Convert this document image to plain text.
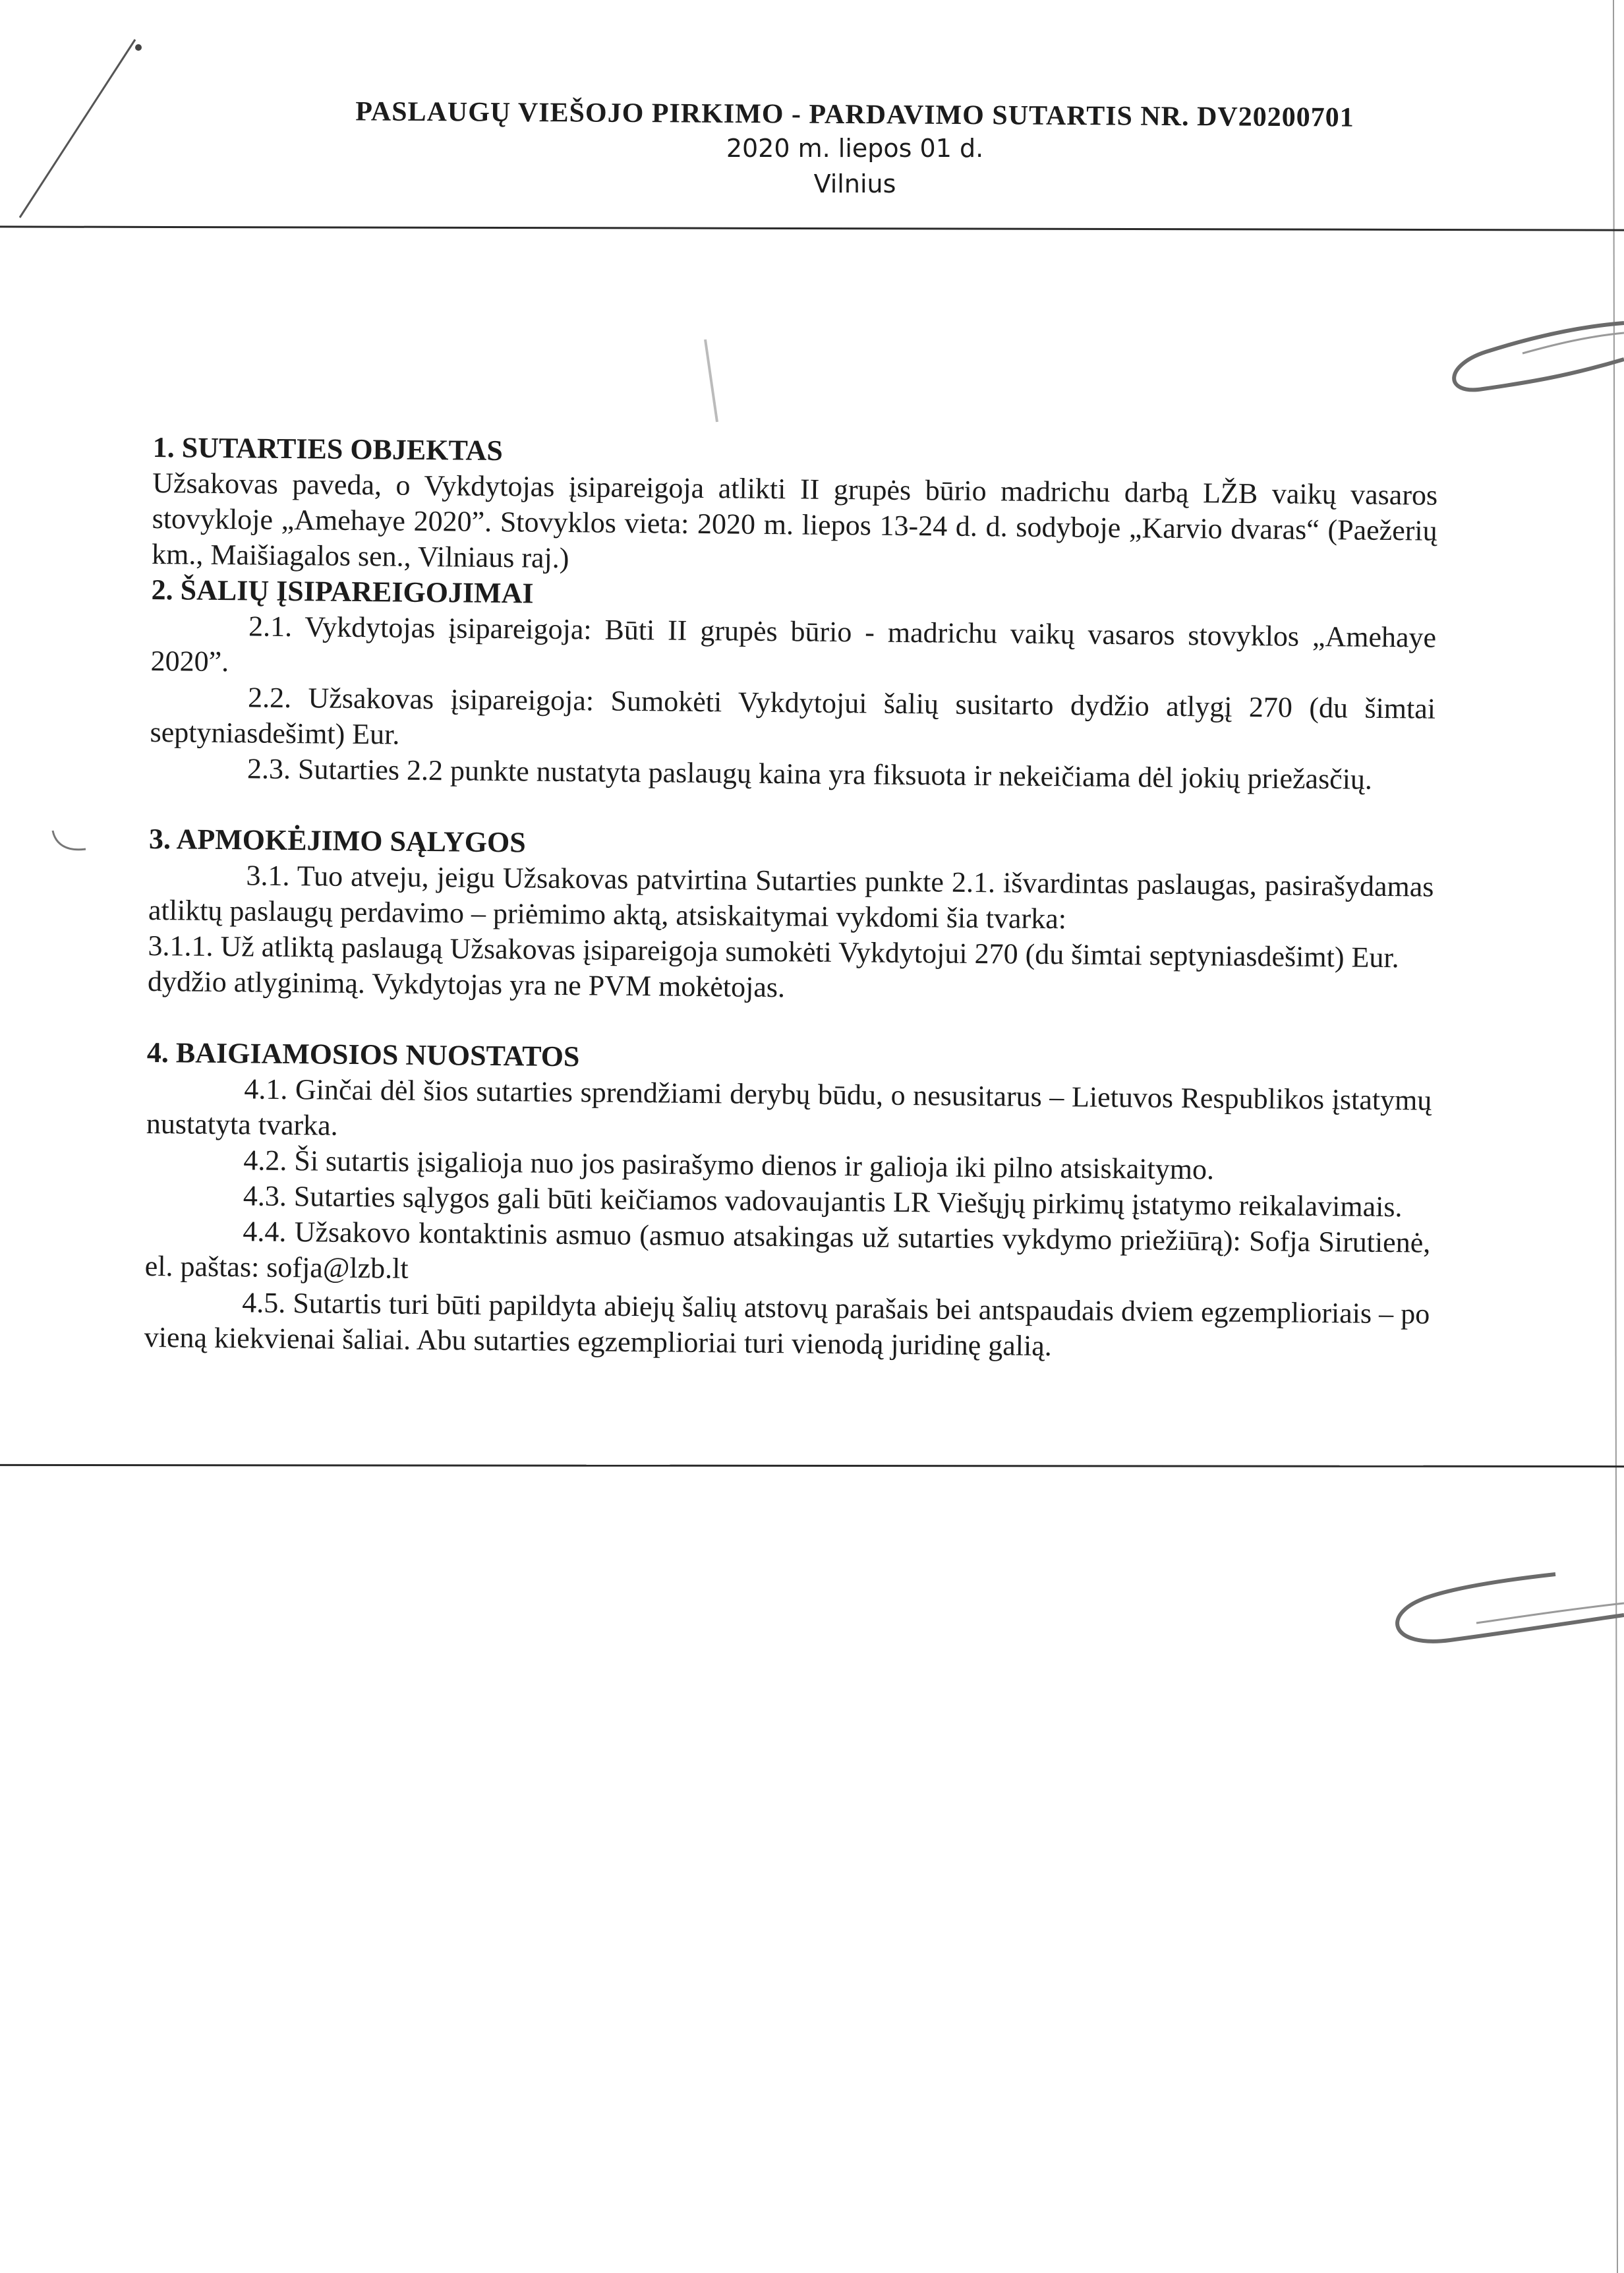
PASLAUGŲ VIEŠOJO PIRKIMO - PARDAVIMO SUTARTIS NR. DV20200701
2020 m. liepos 01 d.
Vilnius
1. SUTARTIES OBJEKTAS

Užsakovas paveda, o Vykdytojas įsipareigoja atlikti II grupės būrio madrichu darbą LŽB vaikų vasaros stovykloje „Amehaye 2020”. Stovyklos vieta: 2020 m. liepos 13-24 d. d. sodyboje „Karvio dvaras“ (Paežerių km., Maišiagalos sen., Vilniaus raj.)

2. ŠALIŲ ĮSIPAREIGOJIMAI

2.1. Vykdytojas įsipareigoja: Būti II grupės būrio - madrichu vaikų vasaros stovyklos „Amehaye 2020”.

2.2. Užsakovas įsipareigoja: Sumokėti Vykdytojui šalių susitarto dydžio atlygį 270 (du šimtai septyniasdešimt) Eur.

2.3. Sutarties 2.2 punkte nustatyta paslaugų kaina yra fiksuota ir nekeičiama dėl jokių priežasčių.

3. APMOKĖJIMO SĄLYGOS

3.1. Tuo atveju, jeigu Užsakovas patvirtina Sutarties punkte 2.1. išvardintas paslaugas, pasirašydamas atliktų paslaugų perdavimo – priėmimo aktą, atsiskaitymai vykdomi šia tvarka:

3.1.1. Už atliktą paslaugą Užsakovas įsipareigoja sumokėti Vykdytojui 270 (du šimtai septyniasdešimt) Eur.

dydžio atlyginimą. Vykdytojas yra ne PVM mokėtojas.

4. BAIGIAMOSIOS NUOSTATOS

4.1. Ginčai dėl šios sutarties sprendžiami derybų būdu, o nesusitarus – Lietuvos Respublikos įstatymų nustatyta tvarka.

4.2. Ši sutartis įsigalioja nuo jos pasirašymo dienos ir galioja iki pilno atsiskaitymo.

4.3. Sutarties sąlygos gali būti keičiamos vadovaujantis LR Viešųjų pirkimų įstatymo reikalavimais.

4.4. Užsakovo kontaktinis asmuo (asmuo atsakingas už sutarties vykdymo priežiūrą): Sofja Sirutienė, el. paštas: sofja@lzb.lt

4.5. Sutartis turi būti papildyta abiejų šalių atstovų parašais bei antspaudais dviem egzemplioriais – po vieną kiekvienai šaliai. Abu sutarties egzemplioriai turi vienodą juridinę galią.
